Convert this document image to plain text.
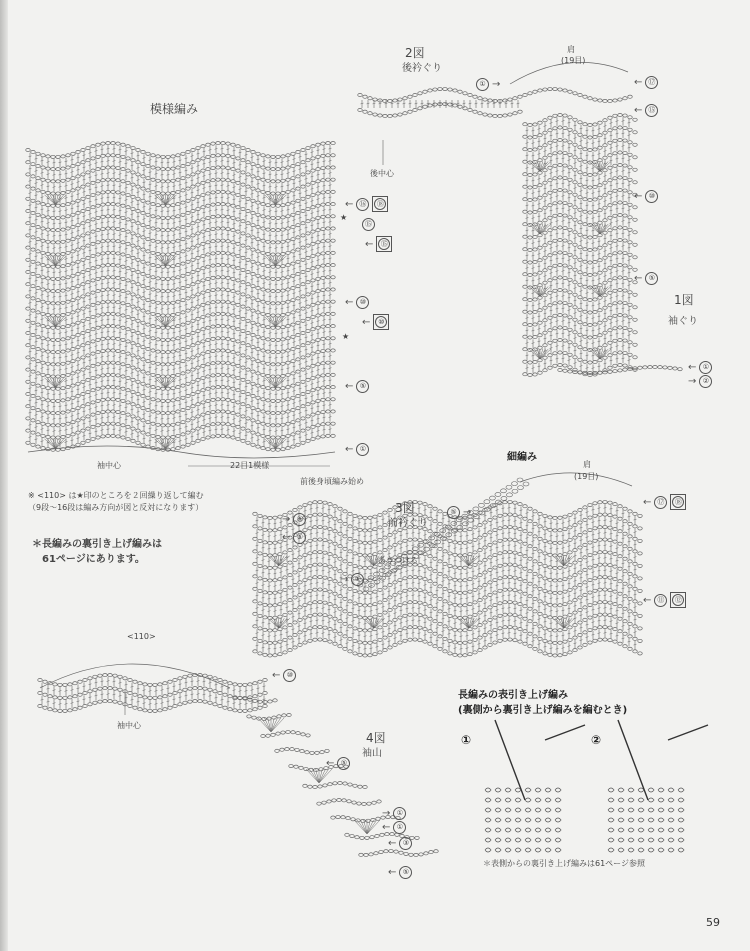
模様編み
← ⑯	⑱
⑮
★
←	⑮
← ⑩
←	⑩
★
← ⑤
← ①
袖中心	22目1模様
前後身頃編み始め
※ <110> は★印のところを２回繰り返して編む
（9段～16段は編み方向が図と反対になります）
＊長編みの裏引き上げ編みは
61ページにあります。
2図
後衿ぐり
肩
(19目)
後中心
① →	← ⑰
← ⑮
← ⑩
← ⑤
1図
袖ぐり
← ①
→ ②
細編み
肩
(19目)
3図
前衿ぐり
あきつける
→ ⑥
← ⑤
⑤ →
→ ①
← ⑰	⑱
← ⑪	⑫
← ⑩
<110>
袖中心
4図
袖山
← ⑤
← ①
→ ①
← ③
← ⑤
長編みの表引き上げ編み
(裏側から裏引き上げ編みを編むとき)
①	②
＊表側からの裏引き上げ編みは61ページ参照
59
